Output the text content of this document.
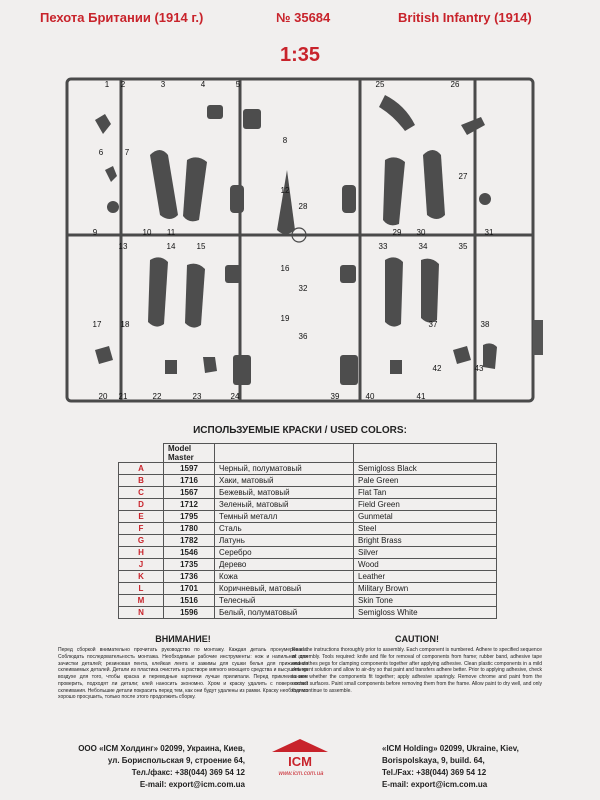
Пехота Британии (1914 г.)	№ 35684	British Infantry (1914)
1:35
1 2	3	4	5
6	7
8
9	10 11
12
13	14	15
16
17 18
19
20 21	22	23	24
25	26
27
28
29 30	31
32
33	34	35
36
37	38
39	40	41
42	43
ИСПОЛЬЗУЕМЫЕ КРАСКИ / USED COLORS:
	Model Master		
A	1597	Черный, полуматовый	Semigloss Black
B	1716	Хаки, матовый	Pale Green
C	1567	Бежевый, матовый	Flat Tan
D	1712	Зеленый, матовый	Field Green
E	1795	Темный металл	Gunmetal
F	1780	Сталь	Steel
G	1782	Латунь	Bright Brass
H	1546	Серебро	Silver
J	1735	Дерево	Wood
K	1736	Кожа	Leather
L	1701	Коричневый, матовый	Military Brown
M	1516	Телесный	Skin Tone
N	1596	Белый, полуматовый	Semigloss White
ВНИМАНИЕ!

Перед сборкой внимательно прочитать руководство по монтажу. Каждая деталь пронумерована. Соблюдать последовательность монтажа. Необходимые рабочие инструменты: нож и напильник для зачистки деталей; резиновая пента, клейкая лента и зажимы для сушки белья для прижимания склеиваемых деталей. Детали из пластика очистить в растворе мягкого моющего средства и высушить на воздухе для того, чтобы краска и переводные картинки лучше прилипали. Перед приклеиванием проверить, подходят ли детали; клей наносить экономно. Хром и краску удалить с поверхностей склеивания. Небольшие детали покрасить перед тем, как они будут удалены из рамки. Краску необходимо хорошо просушить, только после этого продолжить сборку.

CAUTION!

Read the instructions thoroughly prior to assembly. Each component is numbered. Adhere to specified sequence of assembly. Tools required: knife and file for removal of components from frame; rubber band, adhesive tape and clothes pegs for clamping components together after applying adhesive. Clean plastic components in a mild detergent solution and allow to air-dry so that paint and transfers adhere better. Prior to applying adhesive, check to see whether the components fit together; apply adhesive sparingly. Remove chrome and paint from the contact surfaces. Paint small components before removing them from the frame. Allow paint to dry well, and only then continue to assemble.

ООО «ICM Холдинг» 02099, Украина, Киев,
ул. Бориспольская 9, строение 64,
Тел./факс: +38(044) 369 54 12
E-mail: export@icm.com.ua
ICM
www.icm.com.ua
«ICM Holding» 02099, Ukraine, Kiev,
Borispolskaya, 9, build. 64,
Tel./Fax: +38(044) 369 54 12
E-mail: export@icm.com.ua
